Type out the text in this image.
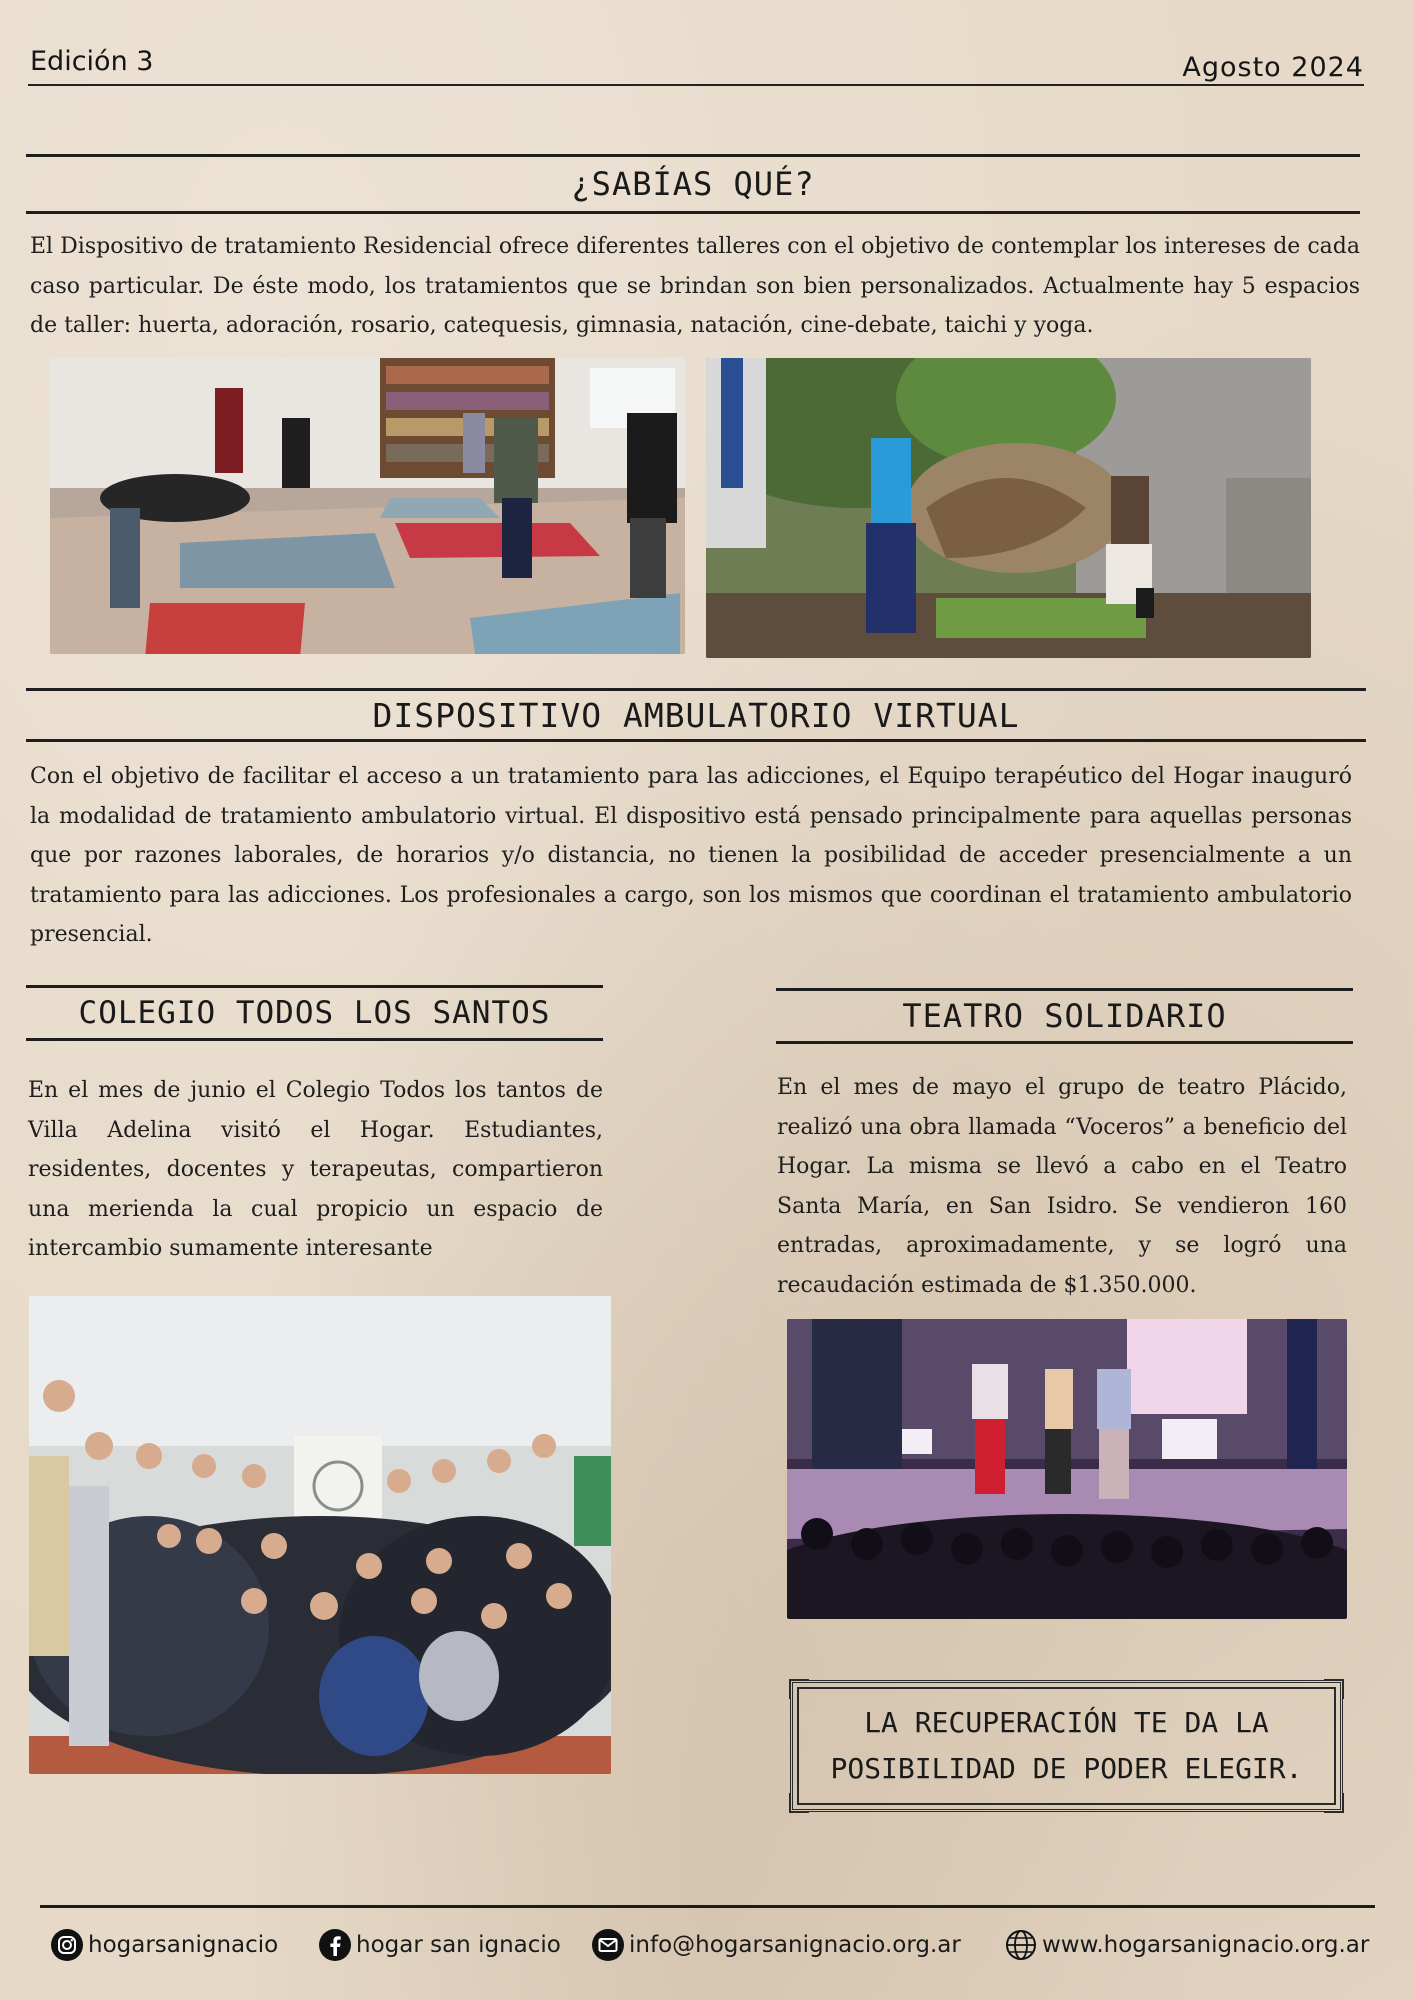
Edición 3	Agosto 2024
¿SABÍAS QUÉ?

El Dispositivo de tratamiento Residencial ofrece diferentes talleres con el objetivo de contemplar los intereses de cada caso particular. De éste modo, los tratamientos que se brindan son bien personalizados. Actualmente hay 5 espacios de taller: huerta, adoración, rosario, catequesis, gimnasia, natación, cine-debate, taichi y yoga.

DISPOSITIVO AMBULATORIO VIRTUAL

Con el objetivo de facilitar el acceso a un tratamiento para las adicciones, el Equipo terapéutico del Hogar inauguró la modalidad de tratamiento ambulatorio virtual. El dispositivo está pensado principalmente para aquellas personas que por razones laborales, de horarios y/o distancia, no tienen la posibilidad de acceder presencialmente a un tratamiento para las adicciones. Los profesionales a cargo, son los mismos que coordinan el tratamiento ambulatorio presencial.

COLEGIO TODOS LOS SANTOS

En el mes de junio el Colegio Todos los tantos de Villa Adelina visitó el Hogar. Estudiantes, residentes, docentes y terapeutas, compartieron una merienda la cual propicio un espacio de intercambio sumamente interesante

TEATRO SOLIDARIO

En el mes de mayo el grupo de teatro Plácido, realizó una obra llamada “Voceros” a beneficio del Hogar. La misma se llevó a cabo en el Teatro Santa María, en San Isidro. Se vendieron 160 entradas, aproximadamente, y se logró una recaudación estimada de $1.350.000.

LA RECUPERACIÓN TE DA LA
POSIBILIDAD DE PODER ELEGIR.
hogarsanignacio	hogar san ignacio	info@hogarsanignacio.org.ar	www.hogarsanignacio.org.ar
